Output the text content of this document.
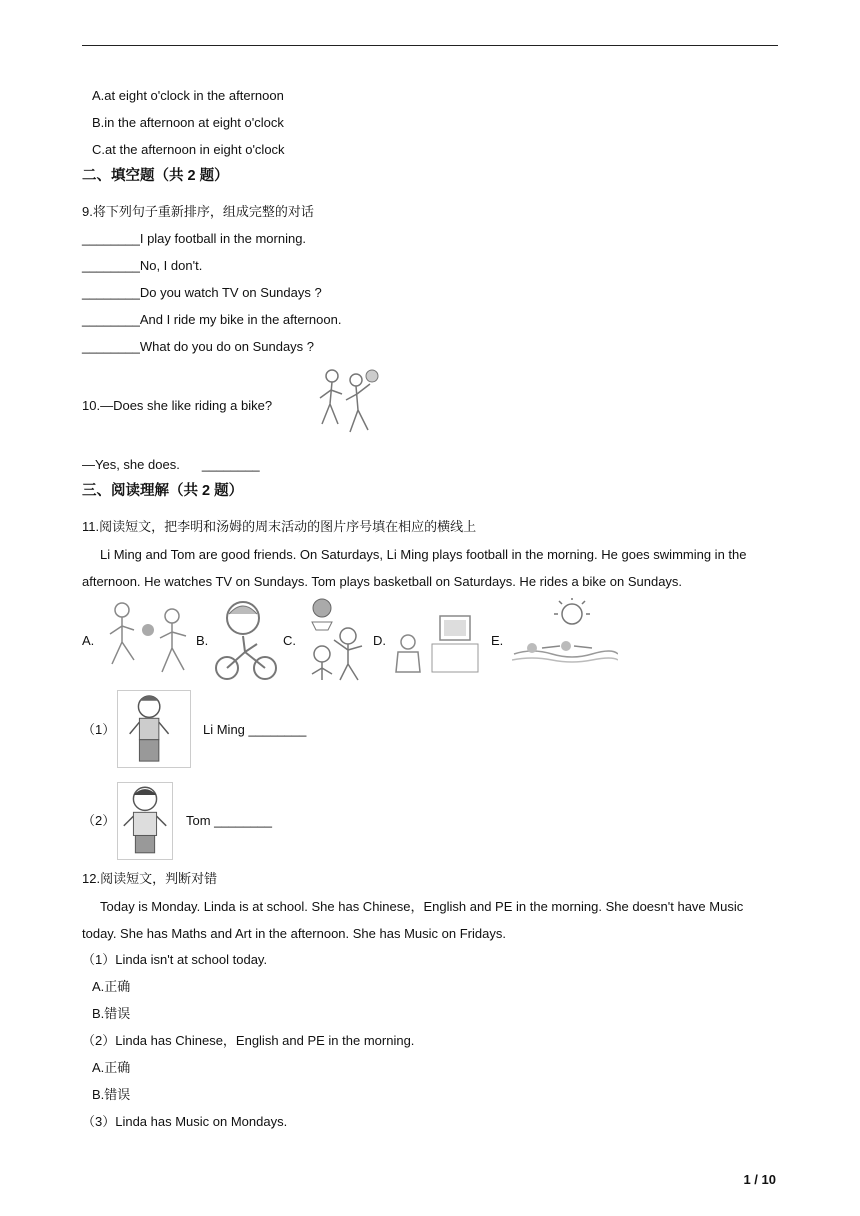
A.at eight o'clock in the afternoon
B.in the afternoon at eight o'clock
C.at the afternoon in eight o'clock
二、填空题（共 2 题）
9.将下列句子重新排序，组成完整的对话
________I play football in the morning.
________No, I don't.
________Do you watch TV on Sundays ?
________And I ride my bike in the afternoon.
________What do you do on Sundays ?
10.—Does she like riding a bike?
—Yes, she does. ________
三、阅读理解（共 2 题）
11.阅读短文，把李明和汤姆的周末活动的图片序号填在相应的横线上
Li Ming and Tom are good friends. On Saturdays, Li Ming plays football in the morning. He goes swimming in the afternoon. He watches TV on Sundays. Tom plays basketball on Saturdays. He rides a bike on Sundays.
A.	B.	C.	D.	E.
（1）	Li Ming ________
（2）	Tom ________
12.阅读短文，判断对错
Today is Monday. Linda is at school. She has Chinese，English and PE in the morning. She doesn't have Music today. She has Maths and Art in the afternoon. She has Music on Fridays.
（1）Linda isn't at school today.
A.正确
B.错误
（2）Linda has Chinese，English and PE in the morning.
A.正确
B.错误
（3）Linda has Music on Mondays.
1 / 10
